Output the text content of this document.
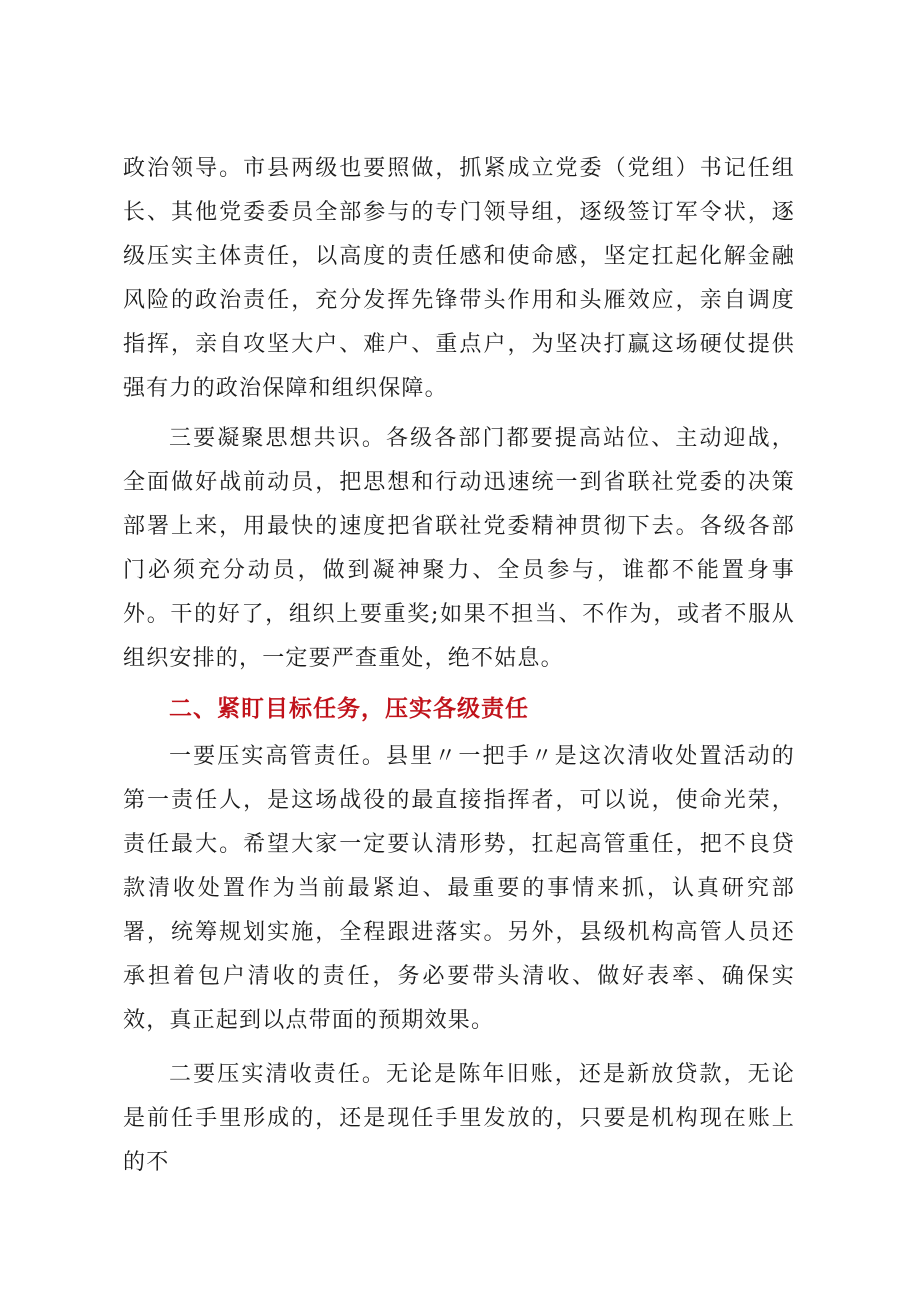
政治领导。市县两级也要照做，抓紧成立党委（党组）书记任组长、其他党委委员全部参与的专门领导组，逐级签订军令状，逐级压实主体责任，以高度的责任感和使命感，坚定扛起化解金融风险的政治责任，充分发挥先锋带头作用和头雁效应，亲自调度指挥，亲自攻坚大户、难户、重点户，为坚决打赢这场硬仗提供强有力的政治保障和组织保障。

三要凝聚思想共识。各级各部门都要提高站位、主动迎战，全面做好战前动员，把思想和行动迅速统一到省联社党委的决策部署上来，用最快的速度把省联社党委精神贯彻下去。各级各部门必须充分动员，做到凝神聚力、全员参与，谁都不能置身事外。干的好了，组织上要重奖;如果不担当、不作为，或者不服从组织安排的，一定要严查重处，绝不姑息。

二、紧盯目标任务，压实各级责任

一要压实高管责任。县里〃一把手〃是这次清收处置活动的第一责任人，是这场战役的最直接指挥者，可以说，使命光荣，责任最大。希望大家一定要认清形势，扛起高管重任，把不良贷款清收处置作为当前最紧迫、最重要的事情来抓，认真研究部署，统筹规划实施，全程跟进落实。另外，县级机构高管人员还承担着包户清收的责任，务必要带头清收、做好表率、确保实效，真正起到以点带面的预期效果。

二要压实清收责任。无论是陈年旧账，还是新放贷款，无论是前任手里形成的，还是现任手里发放的，只要是机构现在账上的不
